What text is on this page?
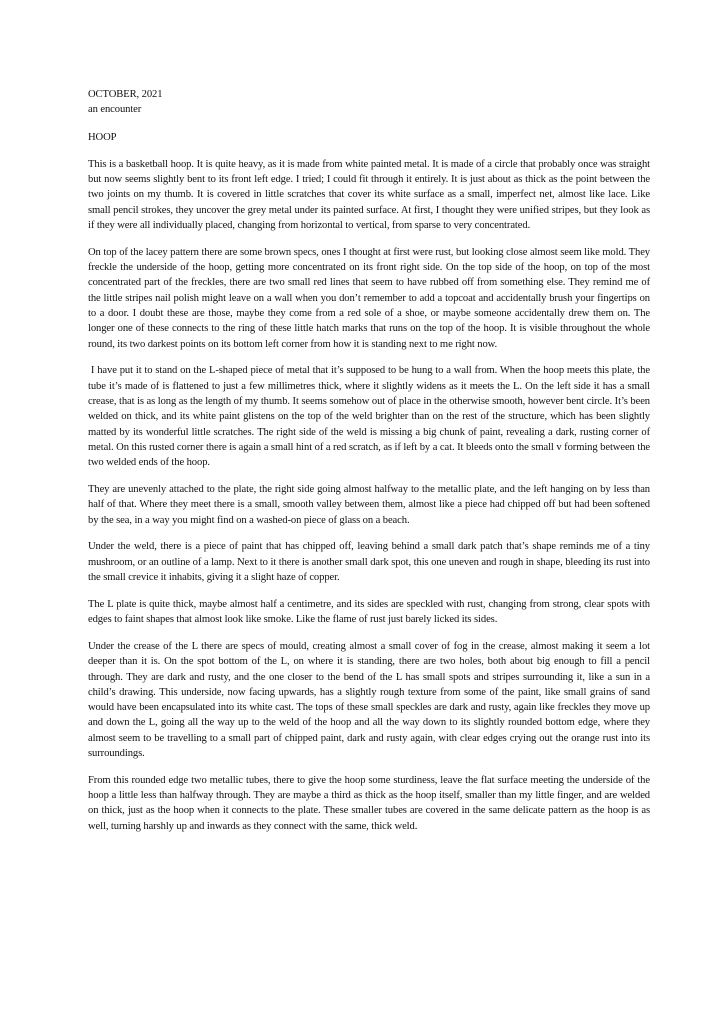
OCTOBER, 2021
an encounter
HOOP

This is a basketball hoop. It is quite heavy, as it is made from white painted metal. It is made of a circle that probably once was straight but now seems slightly bent to its front left edge. I tried; I could fit through it entirely. It is just about as thick as the point between the two joints on my thumb. It is covered in little scratches that cover its white surface as a small, imperfect net, almost like lace. Like small pencil strokes, they uncover the grey metal under its painted surface. At first, I thought they were unified stripes, but they look as if they were all individually placed, changing from horizontal to vertical, from sparse to very concentrated.

On top of the lacey pattern there are some brown specs, ones I thought at first were rust, but looking close almost seem like mold. They freckle the underside of the hoop, getting more concentrated on its front right side. On the top side of the hoop, on top of the most concentrated part of the freckles, there are two small red lines that seem to have rubbed off from something else. They remind me of the little stripes nail polish might leave on a wall when you don’t remember to add a topcoat and accidentally brush your fingertips on to a door. I doubt these are those, maybe they come from a red sole of a shoe, or maybe someone accidentally drew them on. The longer one of these connects to the ring of these little hatch marks that runs on the top of the hoop. It is visible throughout the whole round, its two darkest points on its bottom left corner from how it is standing next to me right now.

I have put it to stand on the L-shaped piece of metal that it’s supposed to be hung to a wall from. When the hoop meets this plate, the tube it’s made of is flattened to just a few millimetres thick, where it slightly widens as it meets the L. On the left side it has a small crease, that is as long as the length of my thumb. It seems somehow out of place in the otherwise smooth, however bent circle. It’s been welded on thick, and its white paint glistens on the top of the weld brighter than on the rest of the structure, which has been slightly matted by its wonderful little scratches. The right side of the weld is missing a big chunk of paint, revealing a dark, rusting corner of metal. On this rusted corner there is again a small hint of a red scratch, as if left by a cat. It bleeds onto the small v forming between the two welded ends of the hoop.

They are unevenly attached to the plate, the right side going almost halfway to the metallic plate, and the left hanging on by less than half of that. Where they meet there is a small, smooth valley between them, almost like a piece had chipped off but had been softened by the sea, in a way you might find on a washed-on piece of glass on a beach.

Under the weld, there is a piece of paint that has chipped off, leaving behind a small dark patch that’s shape reminds me of a tiny mushroom, or an outline of a lamp. Next to it there is another small dark spot, this one uneven and rough in shape, bleeding its rust into the small crevice it inhabits, giving it a slight haze of copper.

The L plate is quite thick, maybe almost half a centimetre, and its sides are speckled with rust, changing from strong, clear spots with edges to faint shapes that almost look like smoke. Like the flame of rust just barely licked its sides.

Under the crease of the L there are specs of mould, creating almost a small cover of fog in the crease, almost making it seem a lot deeper than it is. On the spot bottom of the L, on where it is standing, there are two holes, both about big enough to fill a pencil through. They are dark and rusty, and the one closer to the bend of the L has small spots and stripes surrounding it, like a sun in a child’s drawing. This underside, now facing upwards, has a slightly rough texture from some of the paint, like small grains of sand would have been encapsulated into its white cast. The tops of these small speckles are dark and rusty, again like freckles they move up and down the L, going all the way up to the weld of the hoop and all the way down to its slightly rounded bottom edge, where they almost seem to be travelling to a small part of chipped paint, dark and rusty again, with clear edges crying out the orange rust into its surroundings.

From this rounded edge two metallic tubes, there to give the hoop some sturdiness, leave the flat surface meeting the underside of the hoop a little less than halfway through. They are maybe a third as thick as the hoop itself, smaller than my little finger, and are welded on thick, just as the hoop when it connects to the plate. These smaller tubes are covered in the same delicate pattern as the hoop is as well, turning harshly up and inwards as they connect with the same, thick weld.
